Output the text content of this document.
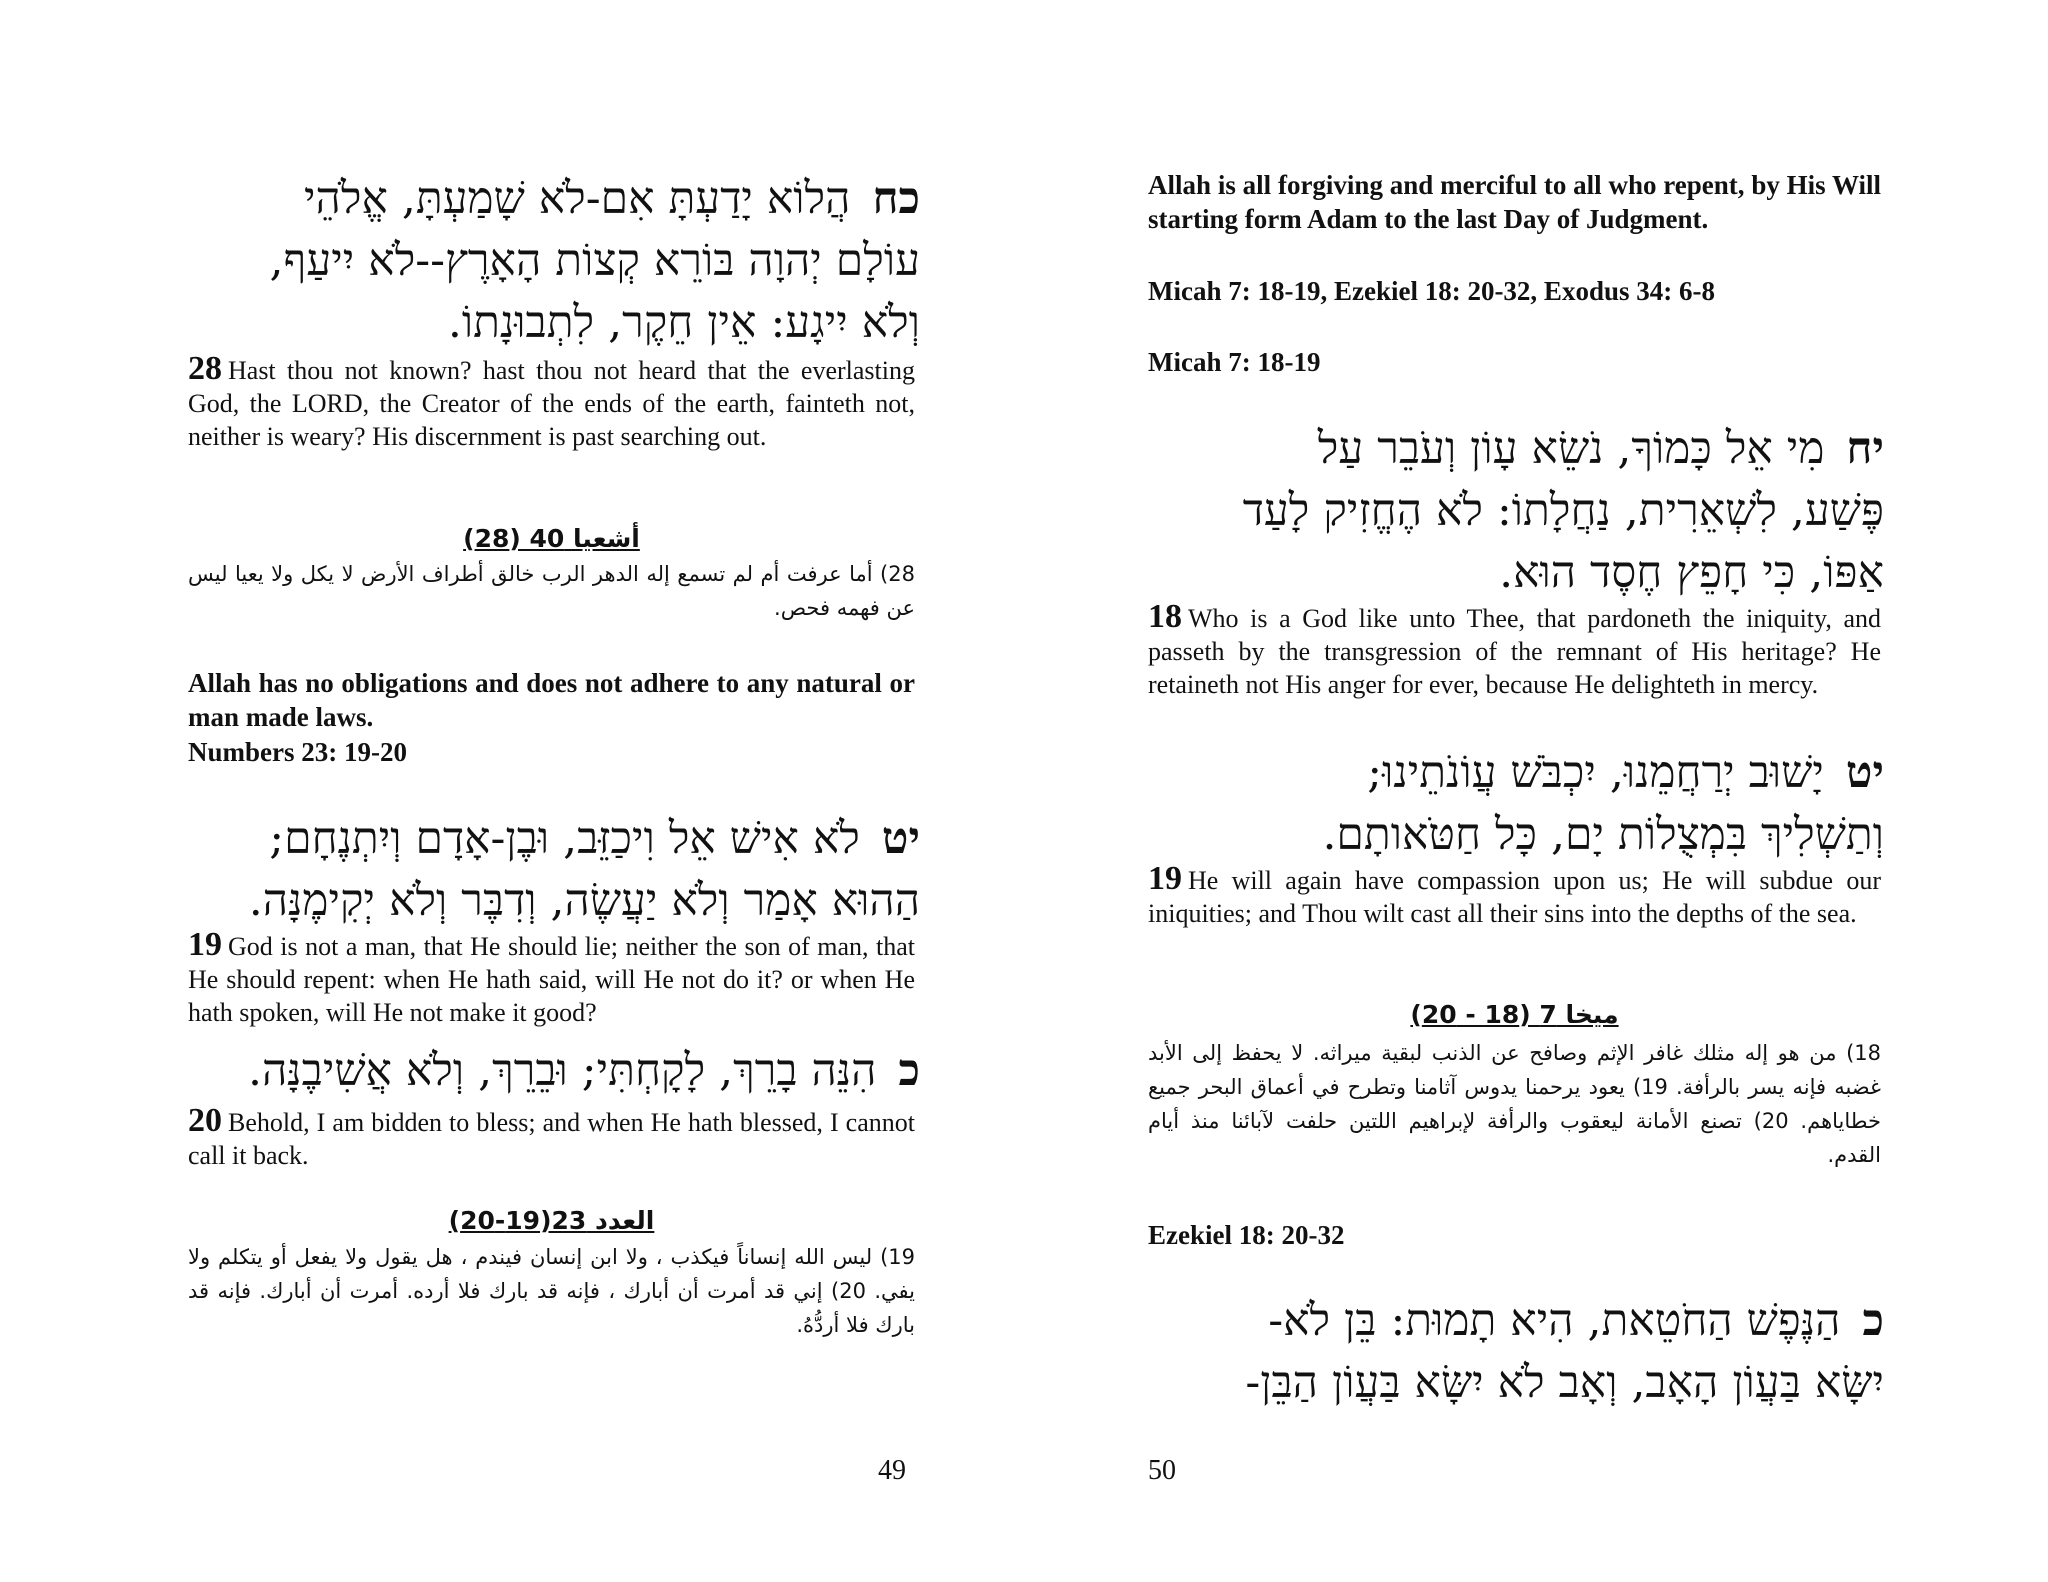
כחהֲלוֹא יָדַעְתָּ אִם-לֹא שָׁמַעְתָּ, אֱלֹהֵי
עוֹלָם יְהוָה בּוֹרֵא קְצוֹת הָאָרֶץ--לֹא יִיעַף,
וְלֹא יִיגָע: אֵין חֵקֶר, לִתְבוּנָתוֹ.
28 Hast thou not known? hast thou not heard that the everlasting God, the LORD, the Creator of the ends of the earth, fainteth not, neither is weary? His discernment is past searching out.
أشعيا 40 (28)
28) أما عرفت أم لم تسمع إله الدهر الرب خالق أطراف الأرض لا يكل ولا يعيا ليس عن فهمه فحص.
Allah has no obligations and does not adhere to any natural or man made laws.
Numbers 23: 19-20
יטלֹא אִישׁ אֵל וִיכַזֵּב, וּבֶן-אָדָם וְיִתְנֶחָם;
הַהוּא אָמַר וְלֹא יַעֲשֶׂה, וְדִבֶּר וְלֹא יְקִימֶנָּה.
19 God is not a man, that He should lie; neither the son of man, that He should repent: when He hath said, will He not do it? or when He hath spoken, will He not make it good?
כהִנֵּה בָרֵךְ, לָקָחְתִּי; וּבֵרֵךְ, וְלֹא אֲשִׁיבֶנָּה.
20 Behold, I am bidden to bless; and when He hath blessed, I cannot call it back.
العدد 23(19-20)
19) ليس الله إنساناً فيكذب ، ولا ابن إنسان فيندم ، هل يقول ولا يفعل أو يتكلم ولا يفي. 20) إني قد أمرت أن أبارك ، فإنه قد بارك فلا أرده. أمرت أن أبارك. فإنه قد بارك فلا أردُّهُ.
49
Allah is all forgiving and merciful to all who repent, by His Will starting form Adam to the last Day of Judgment.
Micah 7: 18-19, Ezekiel 18: 20-32, Exodus 34: 6-8
Micah 7: 18-19
יחמִי אֵל כָּמוֹךָ, נֹשֵׂא עָוֹן וְעֹבֵר עַל
פֶּשַׁע, לִשְׁאֵרִית, נַחֲלָתוֹ: לֹא הֶחֱזִיק לָעַד
אַפּוֹ, כִּי חָפֵץ חֶסֶד הוּא.
18 Who is a God like unto Thee, that pardoneth the iniquity, and passeth by the transgression of the remnant of His heritage? He retaineth not His anger for ever, because He delighteth in mercy.
יטיָשׁוּב יְרַחֲמֵנוּ, יִכְבֹּשׁ עֲוֹנֹתֵינוּ;
וְתַשְׁלִיךְ בִּמְצֻלוֹת יָם, כָּל חַטֹּאותָם.
19 He will again have compassion upon us; He will subdue our iniquities; and Thou wilt cast all their sins into the depths of the sea.
ميخا 7 (18 - 20)
18) من هو إله مثلك غافر الإثم وصافح عن الذنب لبقية ميراثه. لا يحفظ إلى الأبد غضبه فإنه يسر بالرأفة. 19) يعود يرحمنا يدوس آثامنا وتطرح في أعماق البحر جميع خطاياهم. 20) تصنع الأمانة ليعقوب والرأفة لإبراهيم اللتين حلفت لآبائنا منذ أيام القدم.
Ezekiel 18: 20-32
כהַנֶּפֶשׁ הַחֹטֵאת, הִיא תָמוּת: בֵּן לֹא-
יִשָּׂא בַּעֲוֹן הָאָב, וְאָב לֹא יִשָּׂא בַּעֲוֹן הַבֵּן-
50
